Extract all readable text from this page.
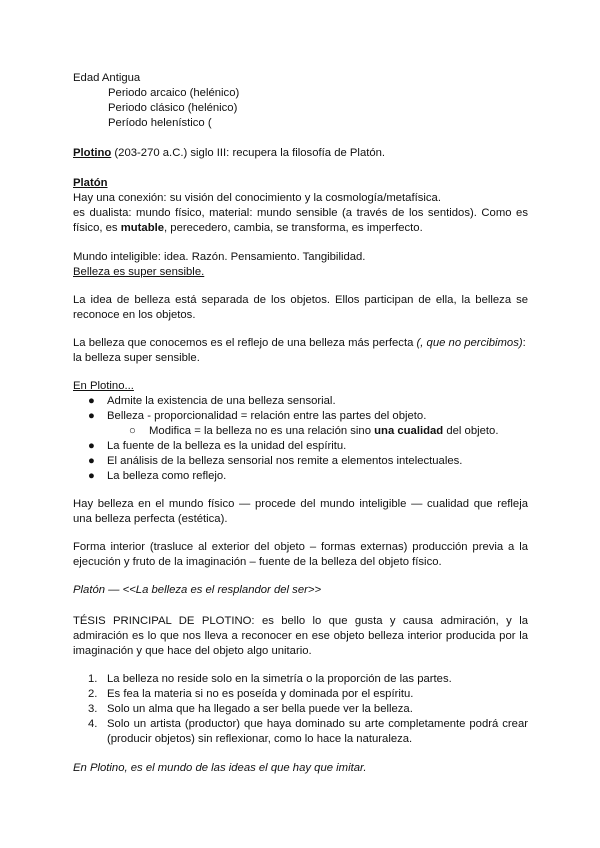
Edad Antigua
Periodo arcaico (helénico)
Periodo clásico (helénico)
Período helenístico (
Plotino (203-270 a.C.) siglo III: recupera la filosofía de Platón.
Platón
Hay una conexión: su visión del conocimiento y la cosmología/metafísica.
es dualista: mundo físico, material: mundo sensible (a través de los sentidos). Como es físico, es mutable, perecedero, cambia, se transforma, es imperfecto.
Mundo inteligible: idea. Razón. Pensamiento. Tangibilidad.
Belleza es super sensible.
La idea de belleza está separada de los objetos. Ellos participan de ella, la belleza se reconoce en los objetos.
La belleza que conocemos es el reflejo de una belleza más perfecta (, que no percibimos):
la belleza super sensible.
En Plotino...
● Admite la existencia de una belleza sensorial.
● Belleza - proporcionalidad = relación entre las partes del objeto.
○ Modifica = la belleza no es una relación sino una cualidad del objeto.
● La fuente de la belleza es la unidad del espíritu.
● El análisis de la belleza sensorial nos remite a elementos intelectuales.
● La belleza como reflejo.
Hay belleza en el mundo físico — procede del mundo inteligible — cualidad que refleja una belleza perfecta (estética).
Forma interior (trasluce al exterior del objeto – formas externas) producción previa a la ejecución y fruto de la imaginación – fuente de la belleza del objeto físico.
Platón — <<La belleza es el resplandor del ser>>
TÉSIS PRINCIPAL DE PLOTINO: es bello lo que gusta y causa admiración, y la admiración es lo que nos lleva a reconocer en ese objeto belleza interior producida por la imaginación y que hace del objeto algo unitario.
1. La belleza no reside solo en la simetría o la proporción de las partes.
2. Es fea la materia si no es poseída y dominada por el espíritu.
3. Solo un alma que ha llegado a ser bella puede ver la belleza.
4. Solo un artista (productor) que haya dominado su arte completamente podrá crear (producir objetos) sin reflexionar, como lo hace la naturaleza.
En Plotino, es el mundo de las ideas el que hay que imitar.
